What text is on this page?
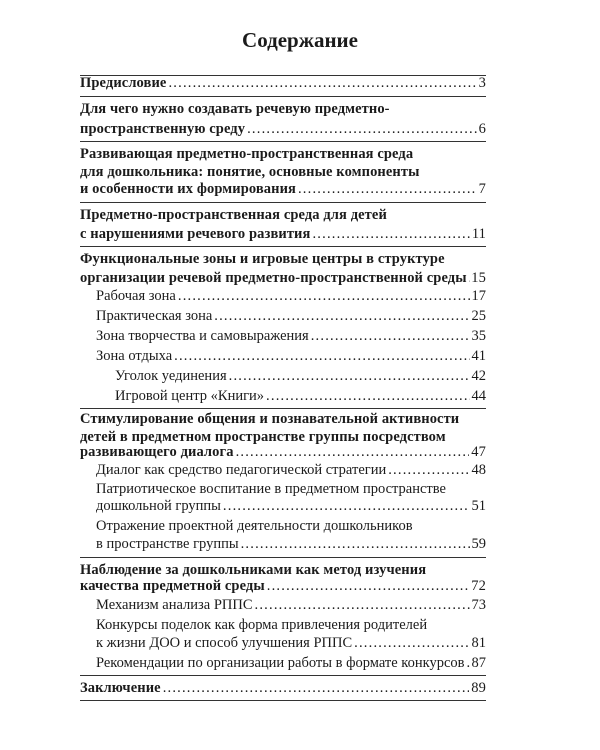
Содержание
Предисловие .....	3
Для чего нужно создавать речевую предметно-
пространственную среду .....	6
Развивающая предметно-пространственная среда
для дошкольника: понятие, основные компоненты
и особенности их формирования .....	7
Предметно-пространственная среда для детей
с нарушениями речевого развития .....	11
Функциональные зоны и игровые центры в структуре
организации речевой предметно-пространственной среды ..... 15
Рабочая зона .....	17
Практическая зона .....	25
Зона творчества и самовыражения .....	35
Зона отдыха .....	41
Уголок уединения .....	42
Игровой центр «Книги» .....	44
Стимулирование общения и познавательной активности
детей в предметном пространстве группы посредством
развивающего диалога .....	47
Диалог как средство педагогической стратегии .....	48
Патриотическое воспитание в предметном пространстве
дошкольной группы .....	51
Отражение проектной деятельности дошкольников
в пространстве группы .....	59
Наблюдение за дошкольниками как метод изучения
качества предметной среды .....	72
Механизм анализа РППС .....	73
Конкурсы поделок как форма привлечения родителей
к жизни ДОО и способ улучшения РППС .....	81
Рекомендации по организации работы в формате конкурсов ..... 87
Заключение .....	89
